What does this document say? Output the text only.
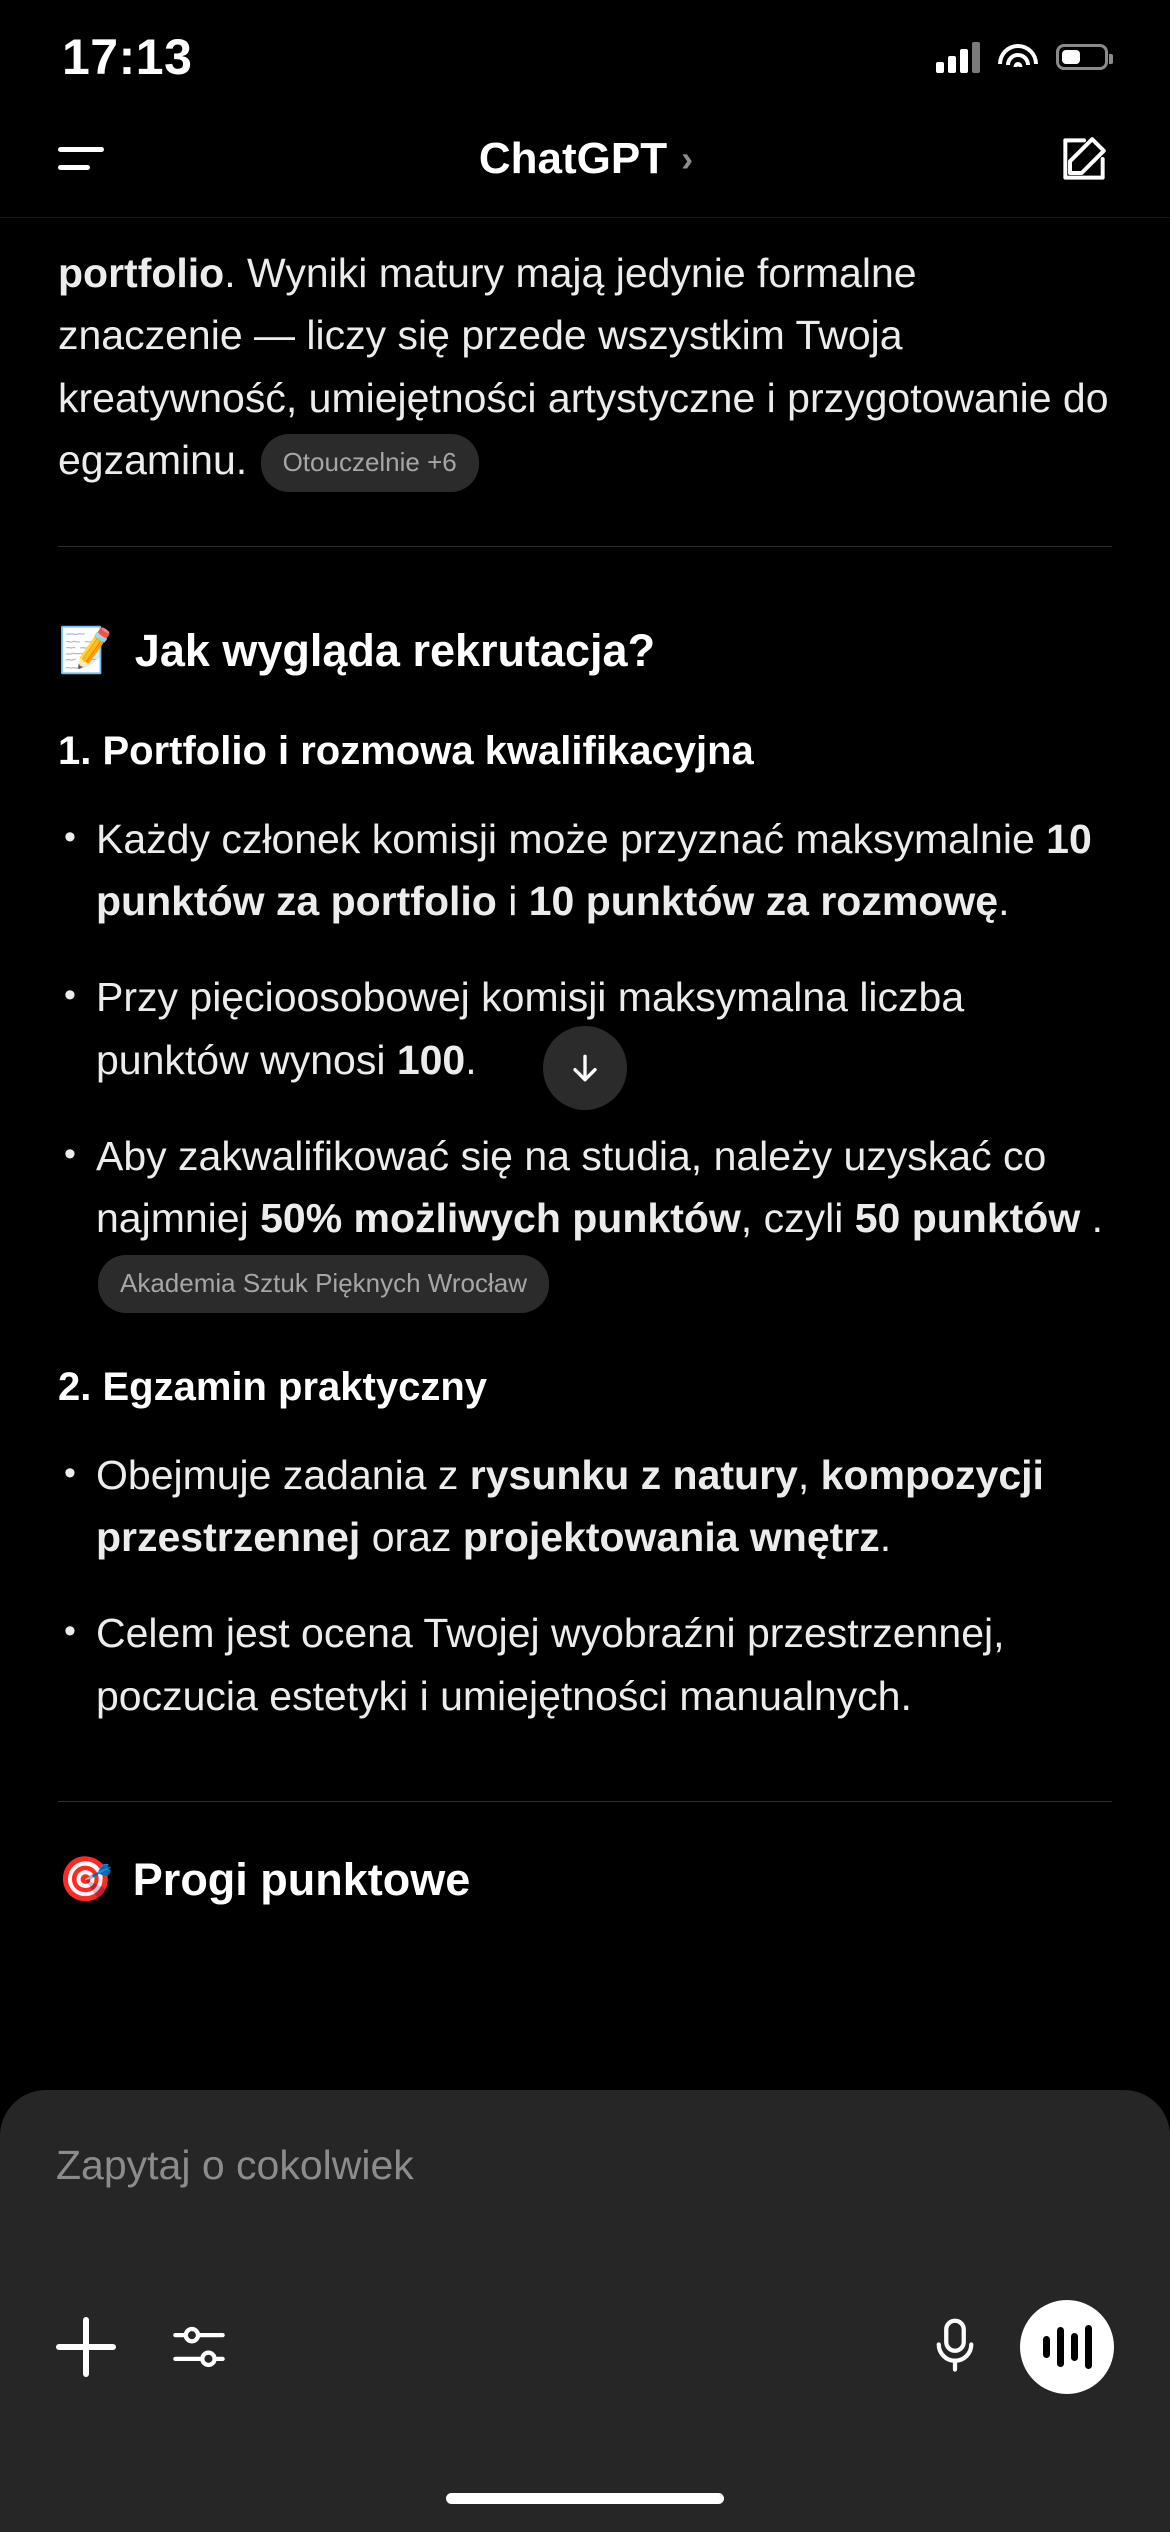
17:13
ChatGPT ›
portfolio. Wyniki matury mają jedynie formalne znaczenie — liczy się przede wszystkim Twoja kreatywność, umiejętności artystyczne i przygotowanie do egzaminu. Otouczelnie +6
📝 Jak wygląda rekrutacja?
1. Portfolio i rozmowa kwalifikacyjna
• Każdy członek komisji może przyznać maksymalnie 10 punktów za portfolio i 10 punktów za rozmowę.
• Przy pięcioosobowej komisji maksymalna liczba punktów wynosi 100.
• Aby zakwalifikować się na studia, należy uzyskać co najmniej 50% możliwych punktów, czyli 50 punktów . Akademia Sztuk Pięknych Wrocław
2. Egzamin praktyczny
• Obejmuje zadania z rysunku z natury, kompozycji przestrzennej oraz projektowania wnętrz.
• Celem jest ocena Twojej wyobraźni przestrzennej, poczucia estetyki i umiejętności manualnych.
🎯 Progi punktowe
Zapytaj o cokolwiek
